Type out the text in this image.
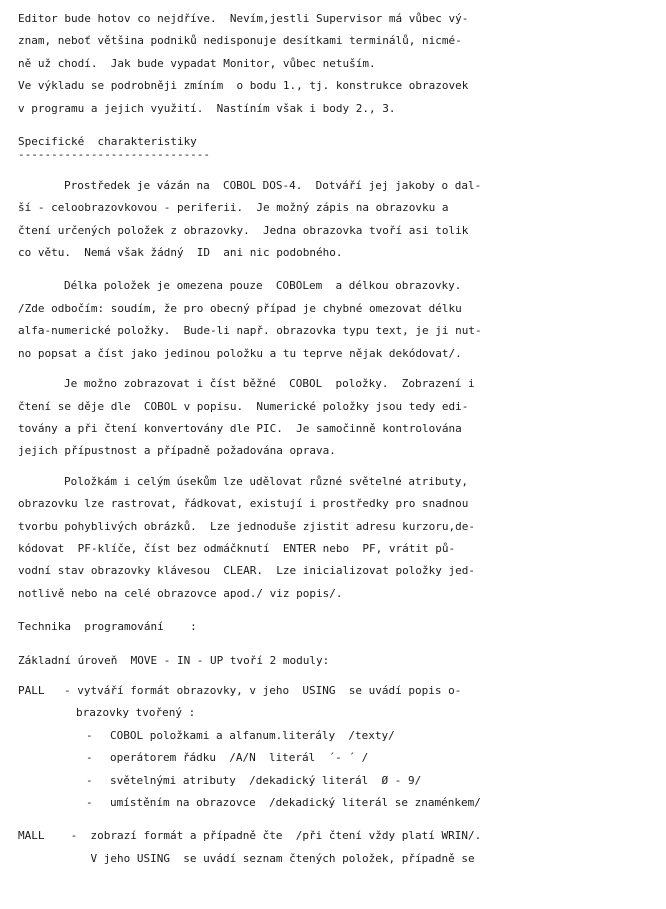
Editor bude hotov co nejdříve.  Nevím,jestli Supervisor má vůbec vý-

znam, neboť většina podniků nedisponuje desítkami terminálů, nicmé-

ně už chodí.  Jak bude vypadat Monitor, vůbec netuším.

Ve výkladu se podrobněji zmíním  o bodu 1., tj. konstrukce obrazovek

v programu a jejich využití.  Nastíním však i body 2., 3.

Specifické  charakteristiky

-----------------------------

Prostředek je vázán na  COBOL DOS-4.  Dotváří jej jakoby o dal-

ší - celoobrazovkovou - periferii.  Je možný zápis na obrazovku a

čtení určených položek z obrazovky.  Jedna obrazovka tvoří asi tolik

co větu.  Nemá však žádný  ID  ani nic podobného.

Délka položek je omezena pouze  COBOLem  a délkou obrazovky.

/Zde odbočím: soudím, že pro obecný případ je chybné omezovat délku

alfa-numerické položky.  Bude-li např. obrazovka typu text, je ji nut-

no popsat a číst jako jedinou položku a tu teprve nějak dekódovat/.

Je možno zobrazovat i číst běžné  COBOL  položky.  Zobrazení i

čtení se děje dle  COBOL v popisu.  Numerické položky jsou tedy edi-

továny a při čtení konvertovány dle PIC.  Je samočinně kontrolována

jejich přípustnost a případně požadována oprava.

Položkám i celým úsekům lze udělovat různé světelné atributy,

obrazovku lze rastrovat, řádkovat, existují i prostředky pro snadnou

tvorbu pohyblivých obrázků.  Lze jednoduše zjistit adresu kurzoru,de-

kódovat  PF-klíče, číst bez odmáčknutí  ENTER nebo  PF, vrátit pů-

vodní stav obrazovky klávesou  CLEAR.  Lze inicializovat položky jed-

notlivě nebo na celé obrazovce apod./ viz popis/.

Technika  programování    :

Základní úroveň  MOVE - IN - UP tvoří 2 moduly:

PALL	- vytváří formát obrazovky, v jeho  USING  se uvádí popis o-

brazovky tvořený :

-	COBOL položkami a alfanum.literály  /texty/
-	operátorem řádku  /A/N  literál  ´- ´ /
-	světelnými atributy  /dekadický literál  Ø - 9/
-	umístěním na obrazovce  /dekadický literál se znaménkem/
MALL	-  zobrazí formát a případně čte  /při čtení vždy platí WRIN/.

V jeho USING  se uvádí seznam čtených položek, případně se
